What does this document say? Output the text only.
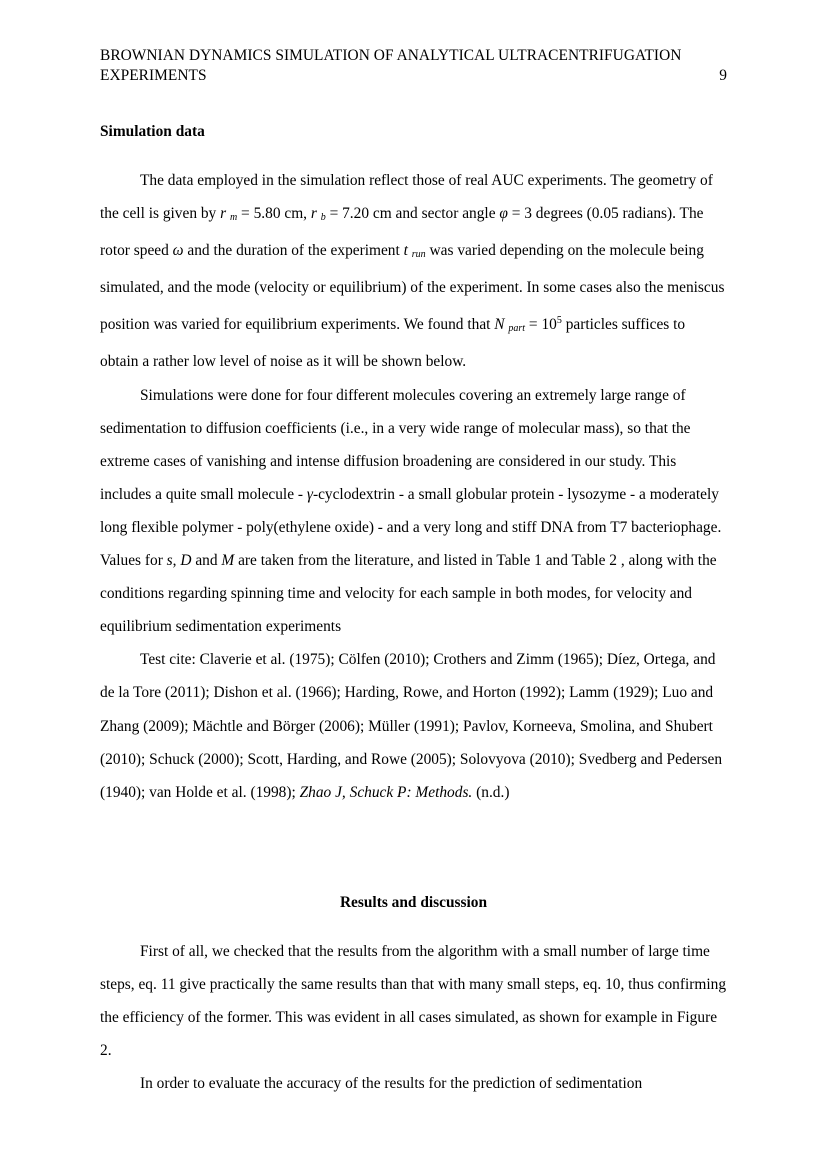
BROWNIAN DYNAMICS SIMULATION OF ANALYTICAL ULTRACENTRIFUGATION
EXPERIMENTS	9
Simulation data

The data employed in the simulation reflect those of real AUC experiments. The geometry of the cell is given by r $_m$ = 5.80 cm, r $_b$ = 7.20 cm and sector angle φ = 3 degrees (0.05 radians). The rotor speed ω and the duration of the experiment t $_{run}$ was varied depending on the molecule being simulated, and the mode (velocity or equilibrium) of the experiment. In some cases also the meniscus position was varied for equilibrium experiments. We found that N $_{part} = 10^5$ particles suffices to obtain a rather low level of noise as it will be shown below.

Simulations were done for four different molecules covering an extremely large range of sedimentation to diffusion coefficients (i.e., in a very wide range of molecular mass), so that the extreme cases of vanishing and intense diffusion broadening are considered in our study. This includes a quite small molecule - γ-cyclodextrin - a small globular protein - lysozyme - a moderately long flexible polymer - poly(ethylene oxide) - and a very long and stiff DNA from T7 bacteriophage. Values for s, D and M are taken from the literature, and listed in Table 1 and Table 2 , along with the conditions regarding spinning time and velocity for each sample in both modes, for velocity and equilibrium sedimentation experiments

Test cite: Claverie et al. (1975); Cölfen (2010); Crothers and Zimm (1965); Díez, Ortega, and de la Tore (2011); Dishon et al. (1966); Harding, Rowe, and Horton (1992); Lamm (1929); Luo and Zhang (2009); Mächtle and Börger (2006); Müller (1991); Pavlov, Korneeva, Smolina, and Shubert (2010); Schuck (2000); Scott, Harding, and Rowe (2005); Solovyova (2010); Svedberg and Pedersen (1940); van Holde et al. (1998); Zhao J, Schuck P: Methods. (n.d.)

Results and discussion

First of all, we checked that the results from the algorithm with a small number of large time steps, eq. 11 give practically the same results than that with many small steps, eq. 10, thus confirming the efficiency of the former. This was evident in all cases simulated, as shown for example in Figure 2.

In order to evaluate the accuracy of the results for the prediction of sedimentation
